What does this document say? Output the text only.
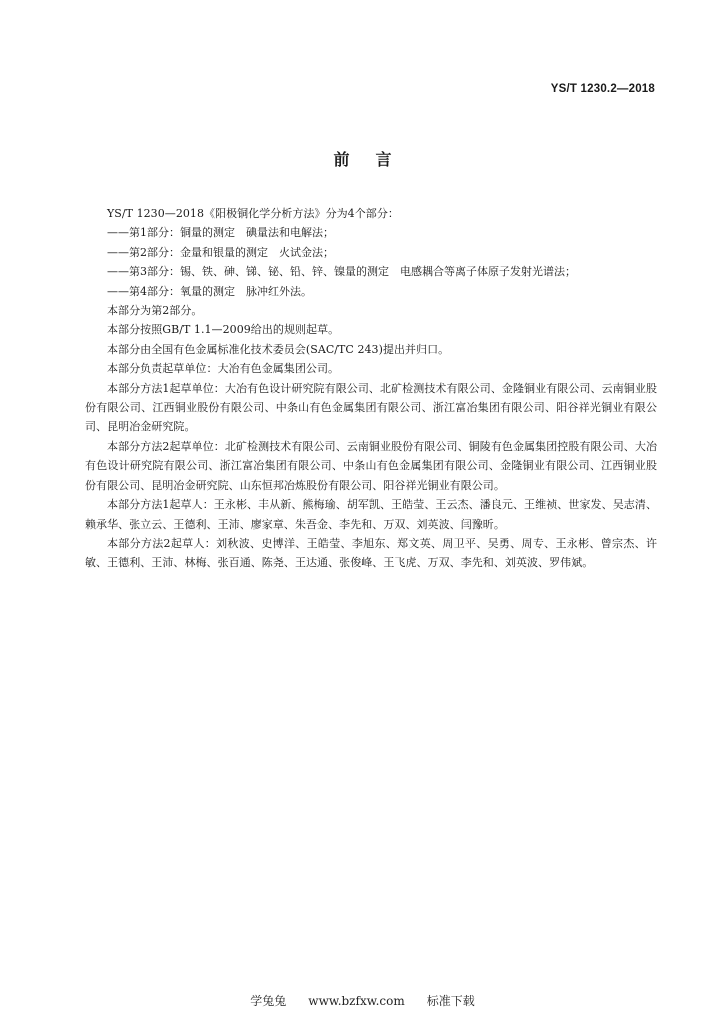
YS/T 1230.2—2018
前言

YS/T 1230—2018《阳极铜化学分析方法》分为4个部分：

——第1部分：铜量的测定　碘量法和电解法；

——第2部分：金量和银量的测定　火试金法；

——第3部分：锡、铁、砷、锑、铋、铅、锌、镍量的测定　电感耦合等离子体原子发射光谱法；

——第4部分：氧量的测定　脉冲红外法。

本部分为第2部分。

本部分按照GB/T 1.1—2009给出的规则起草。

本部分由全国有色金属标准化技术委员会(SAC/TC 243)提出并归口。

本部分负责起草单位：大冶有色金属集团公司。

本部分方法1起草单位：大冶有色设计研究院有限公司、北矿检测技术有限公司、金隆铜业有限公司、云南铜业股份有限公司、江西铜业股份有限公司、中条山有色金属集团有限公司、浙江富冶集团有限公司、阳谷祥光铜业有限公司、昆明冶金研究院。

本部分方法2起草单位：北矿检测技术有限公司、云南铜业股份有限公司、铜陵有色金属集团控股有限公司、大冶有色设计研究院有限公司、浙江富冶集团有限公司、中条山有色金属集团有限公司、金隆铜业有限公司、江西铜业股份有限公司、昆明冶金研究院、山东恒邦冶炼股份有限公司、阳谷祥光铜业有限公司。

本部分方法1起草人：王永彬、丰从新、熊梅瑜、胡军凯、王皓莹、王云杰、潘良元、王维祯、世家发、吴志清、赖承华、张立云、王德利、王沛、廖家章、朱吾金、李先和、万双、刘英波、闫豫昕。

本部分方法2起草人：刘秋波、史博洋、王皓莹、李旭东、郑文英、周卫平、吴勇、周专、王永彬、曾宗杰、许敏、王德利、王沛、林梅、张百通、陈尧、王达通、张俊峰、王飞虎、万双、李先和、刘英波、罗伟斌。

学兔兔 www.bzfxw.com 标准下载
